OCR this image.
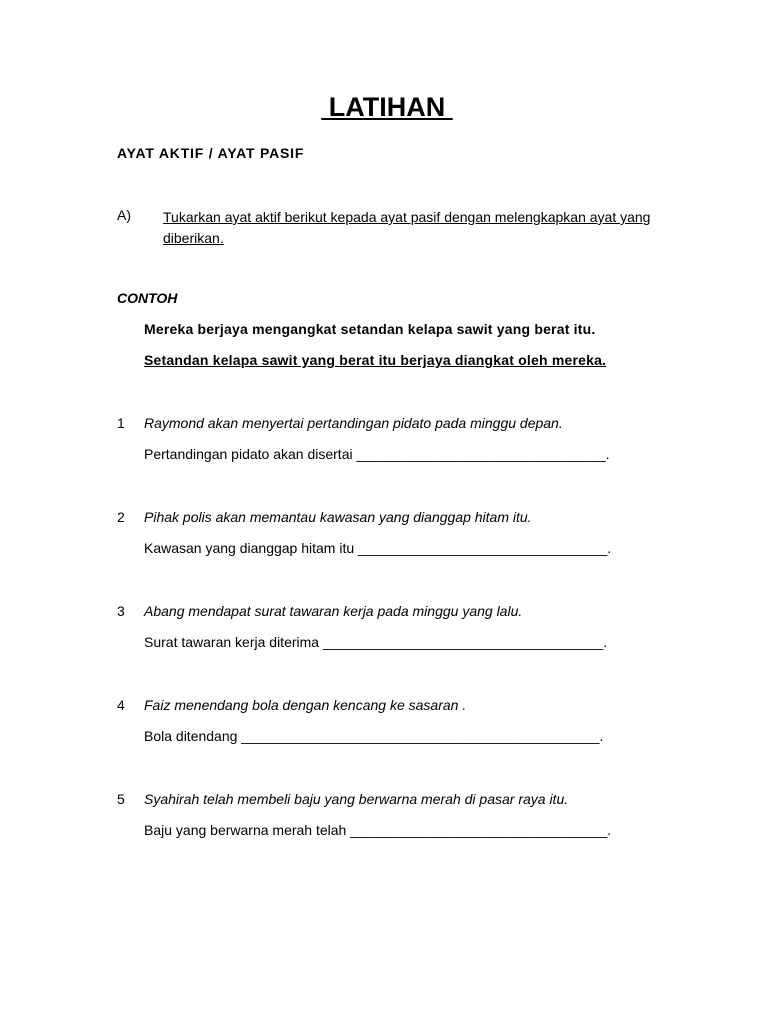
LATIHAN
AYAT AKTIF / AYAT PASIF
A) Tukarkan ayat aktif berikut kepada ayat pasif dengan melengkapkan ayat yang diberikan.
CONTOH
Mereka berjaya mengangkat setandan kelapa sawit yang berat itu.
Setandan kelapa sawit yang berat itu berjaya diangkat oleh mereka.
1 Raymond akan menyertai pertandingan pidato pada minggu depan.
Pertandingan pidato akan disertai ________________________________.
2 Pihak polis akan memantau kawasan yang dianggap hitam itu.
Kawasan yang dianggap hitam itu ________________________________.
3 Abang mendapat surat tawaran kerja pada minggu yang lalu.
Surat tawaran kerja diterima ____________________________________.
4 Faiz menendang bola dengan kencang ke sasaran .
Bola ditendang ______________________________________________.
5 Syahirah telah membeli baju yang berwarna merah di pasar raya itu.
Baju yang berwarna merah telah _________________________________.
